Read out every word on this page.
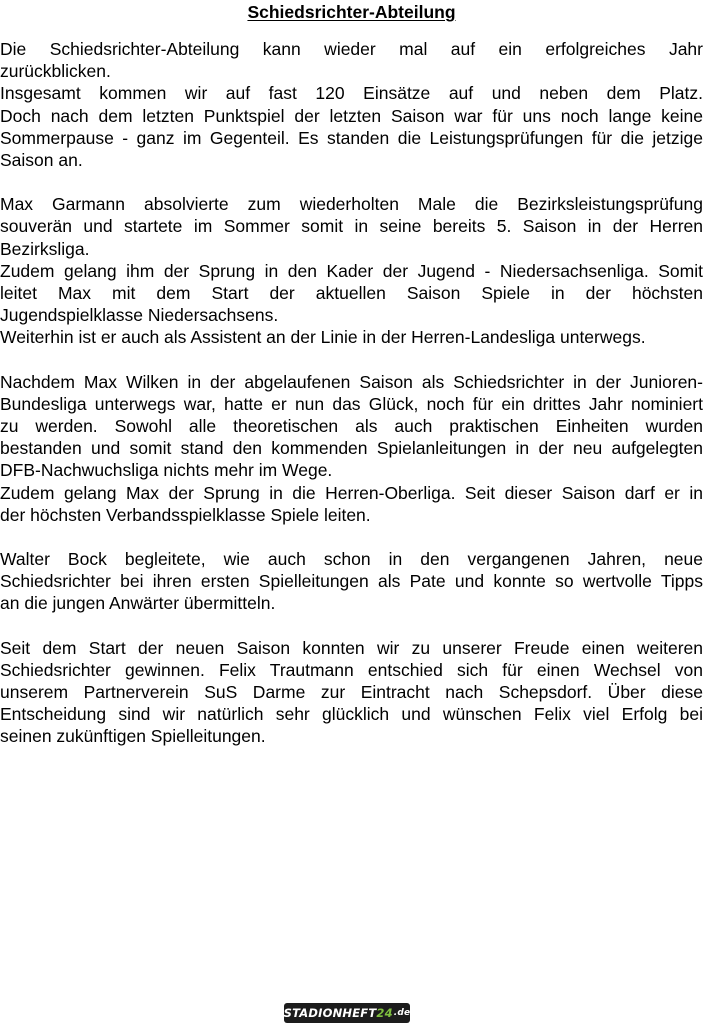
Schiedsrichter-Abteilung
Die Schiedsrichter-Abteilung kann wieder mal auf ein erfolgreiches Jahr
zurückblicken.
Insgesamt kommen wir auf fast 120 Einsätze auf und neben dem Platz.
Doch nach dem letzten Punktspiel der letzten Saison war für uns noch lange keine
Sommerpause - ganz im Gegenteil. Es standen die Leistungsprüfungen für die jetzige
Saison an.
Max Garmann absolvierte zum wiederholten Male die Bezirksleistungsprüfung
souverän und startete im Sommer somit in seine bereits 5. Saison in der Herren
Bezirksliga.
Zudem gelang ihm der Sprung in den Kader der Jugend - Niedersachsenliga. Somit
leitet Max mit dem Start der aktuellen Saison Spiele in der höchsten
Jugendspielklasse Niedersachsens.
Weiterhin ist er auch als Assistent an der Linie in der Herren-Landesliga unterwegs.
Nachdem Max Wilken in der abgelaufenen Saison als Schiedsrichter in der Junioren-
Bundesliga unterwegs war, hatte er nun das Glück, noch für ein drittes Jahr nominiert
zu werden. Sowohl alle theoretischen als auch praktischen Einheiten wurden
bestanden und somit stand den kommenden Spielanleitungen in der neu aufgelegten
DFB-Nachwuchsliga nichts mehr im Wege.
Zudem gelang Max der Sprung in die Herren-Oberliga. Seit dieser Saison darf er in
der höchsten Verbandsspielklasse Spiele leiten.
Walter Bock begleitete, wie auch schon in den vergangenen Jahren, neue
Schiedsrichter bei ihren ersten Spielleitungen als Pate und konnte so wertvolle Tipps
an die jungen Anwärter übermitteln.
Seit dem Start der neuen Saison konnten wir zu unserer Freude einen weiteren
Schiedsrichter gewinnen. Felix Trautmann entschied sich für einen Wechsel von
unserem Partnerverein SuS Darme zur Eintracht nach Schepsdorf. Über diese
Entscheidung sind wir natürlich sehr glücklich und wünschen Felix viel Erfolg bei
seinen zukünftigen Spielleitungen.
STADIONHEFT 24 .de
